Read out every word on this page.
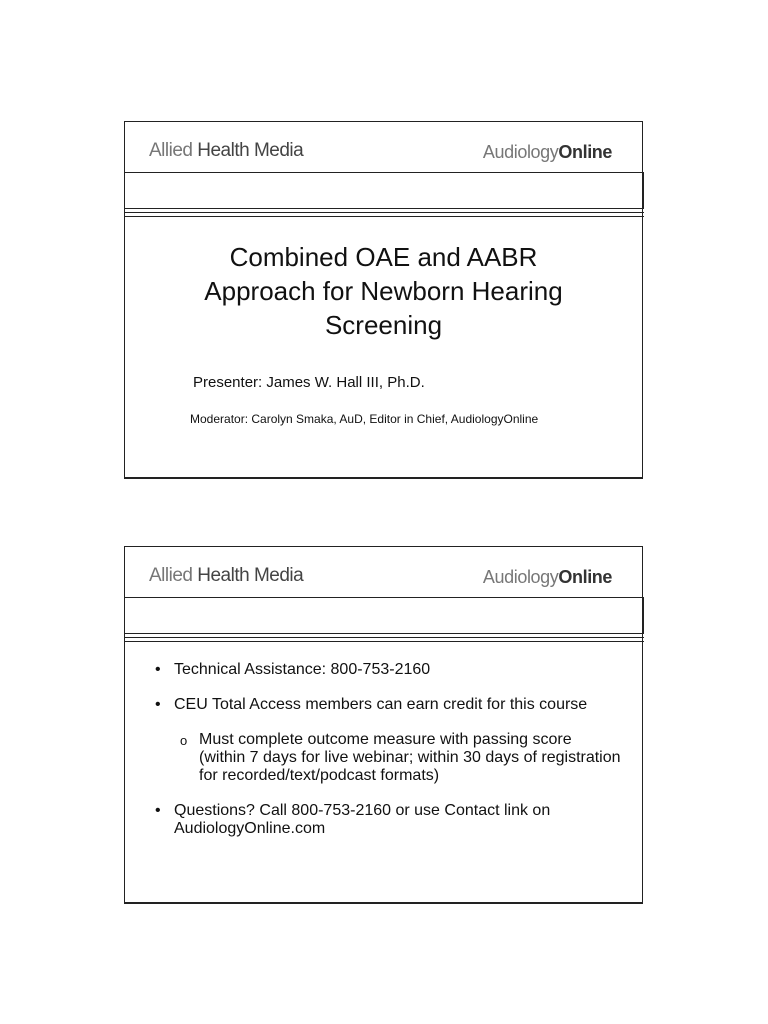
Allied Health Media	AudiologyOnline
Combined OAE and AABR
Approach for Newborn Hearing
Screening
Presenter: James W. Hall III, Ph.D.
Moderator: Carolyn Smaka, AuD, Editor in Chief, AudiologyOnline
Allied Health Media	AudiologyOnline
• Technical Assistance: 800-753-2160
• CEU Total Access members can earn credit for this course
o Must complete outcome measure with passing score (within 7 days for live webinar; within 30 days of registration for recorded/text/podcast formats)
• Questions? Call 800-753-2160 or use Contact link on AudiologyOnline.com
